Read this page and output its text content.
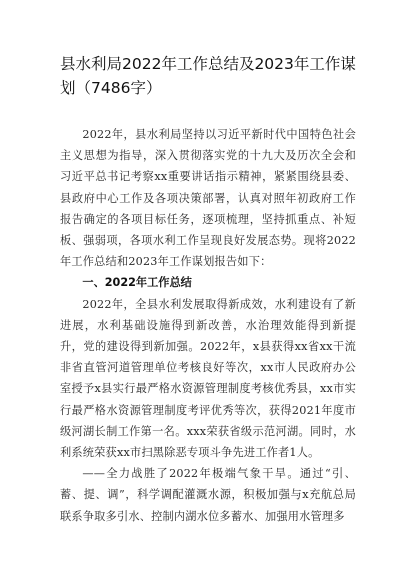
县水利局2022年工作总结及2023年工作谋划（7486字）

2022年，县水利局坚持以习近平新时代中国特色社会主义思想为指导，深入贯彻落实党的十九大及历次全会和习近平总书记考察xx重要讲话指示精神，紧紧围绕县委、县政府中心工作及各项决策部署，认真对照年初政府工作报告确定的各项目标任务，逐项梳理，坚持抓重点、补短板、强弱项，各项水利工作呈现良好发展态势。现将2022年工作总结和2023年工作谋划报告如下：

一、2022年工作总结

2022年，全县水利发展取得新成效，水利建设有了新进展，水利基础设施得到新改善，水治理效能得到新提升，党的建设得到新加强。2022年，x县获得xx省xx干流非省直管河道管理单位考核良好等次，xx市人民政府办公室授予x县实行最严格水资源管理制度考核优秀县，xx市实行最严格水资源管理制度考评优秀等次，获得2021年度市级河湖长制工作第一名。xxx荣获省级示范河湖。同时，水利系统荣获xx市扫黑除恶专项斗争先进工作者1人。

——全力战胜了2022年极端气象干旱。通过“引、蓄、提、调”，科学调配灌溉水源，积极加强与x充航总局联系争取多引水、控制内湖水位多蓄水、加强用水管理多
